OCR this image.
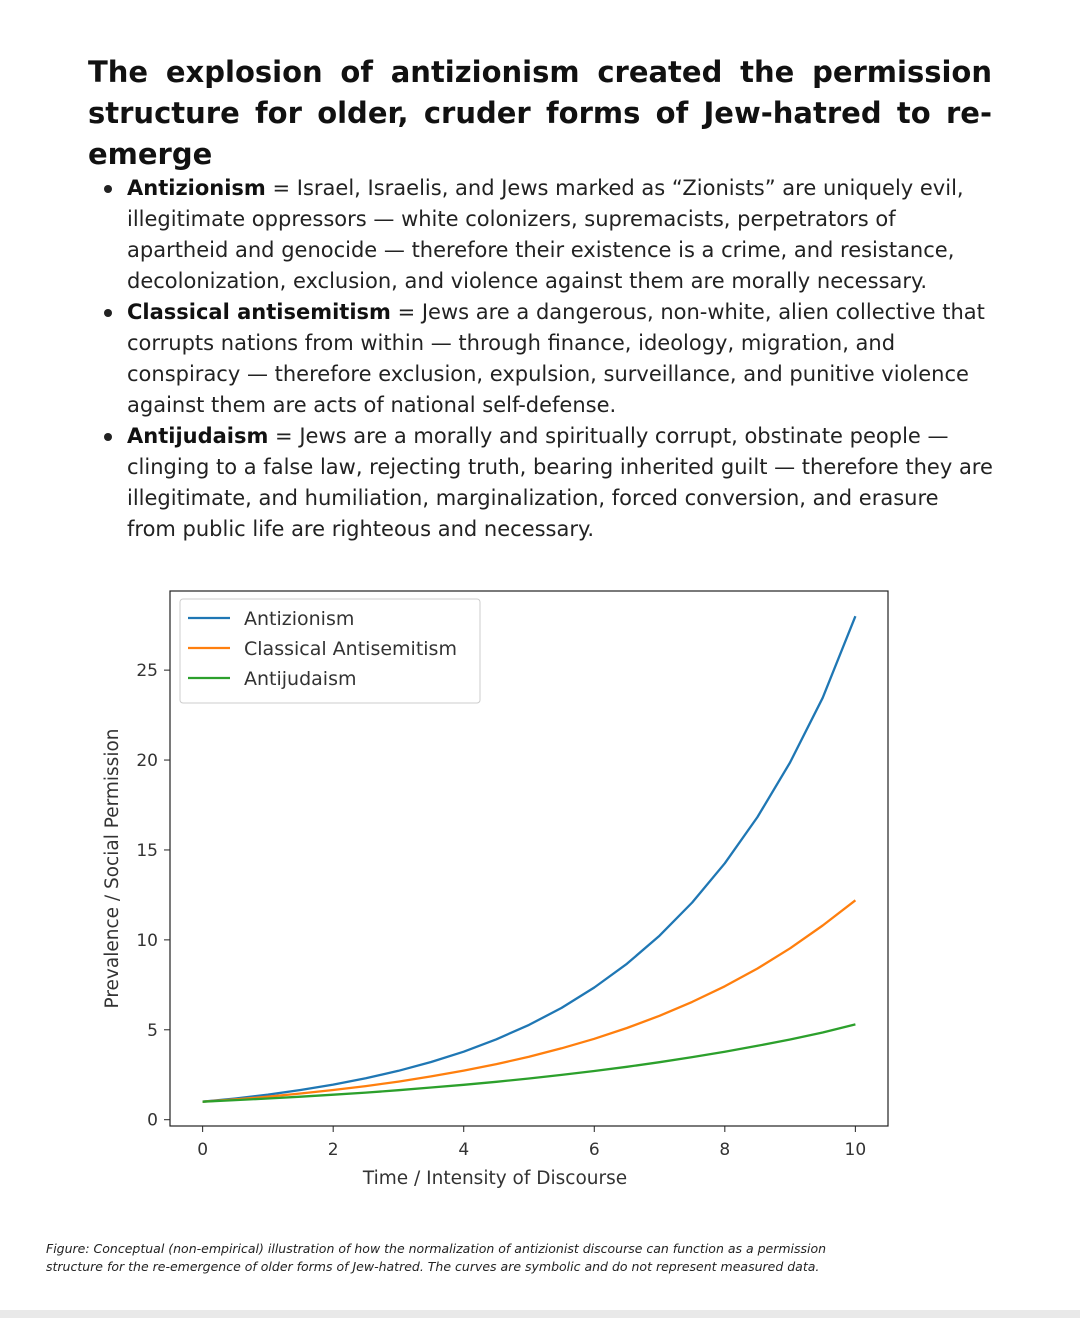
The explosion of antizionism created the permission structure for older, cruder forms of Jew-hatred to re-emerge
Antizionism = Israel, Israelis, and Jews marked as “Zionists” are uniquely evil, illegitimate oppressors — white colonizers, supremacists, perpetrators of apartheid and genocide — therefore their existence is a crime, and resistance, decolonization, exclusion, and violence against them are morally necessary.
Classical antisemitism = Jews are a dangerous, non-white, alien collective that corrupts nations from within — through finance, ideology, migration, and conspiracy — therefore exclusion, expulsion, surveillance, and punitive violence against them are acts of national self-defense.
Antijudaism = Jews are a morally and spiritually corrupt, obstinate people — clinging to a false law, rejecting truth, bearing inherited guilt — therefore they are illegitimate, and humiliation, marginalization, forced conversion, and erasure from public life are righteous and necessary.
0	2	4	6	8	10
0
5
10
15
20
25
Time / Intensity of Discourse
Prevalence / Social Permission
Antizionism
Classical Antisemitism
Antijudaism

Figure: Conceptual (non-empirical) illustration of how the normalization of antizionist discourse can function as a permission structure for the re-emergence of older forms of Jew-hatred. The curves are symbolic and do not represent measured data.
